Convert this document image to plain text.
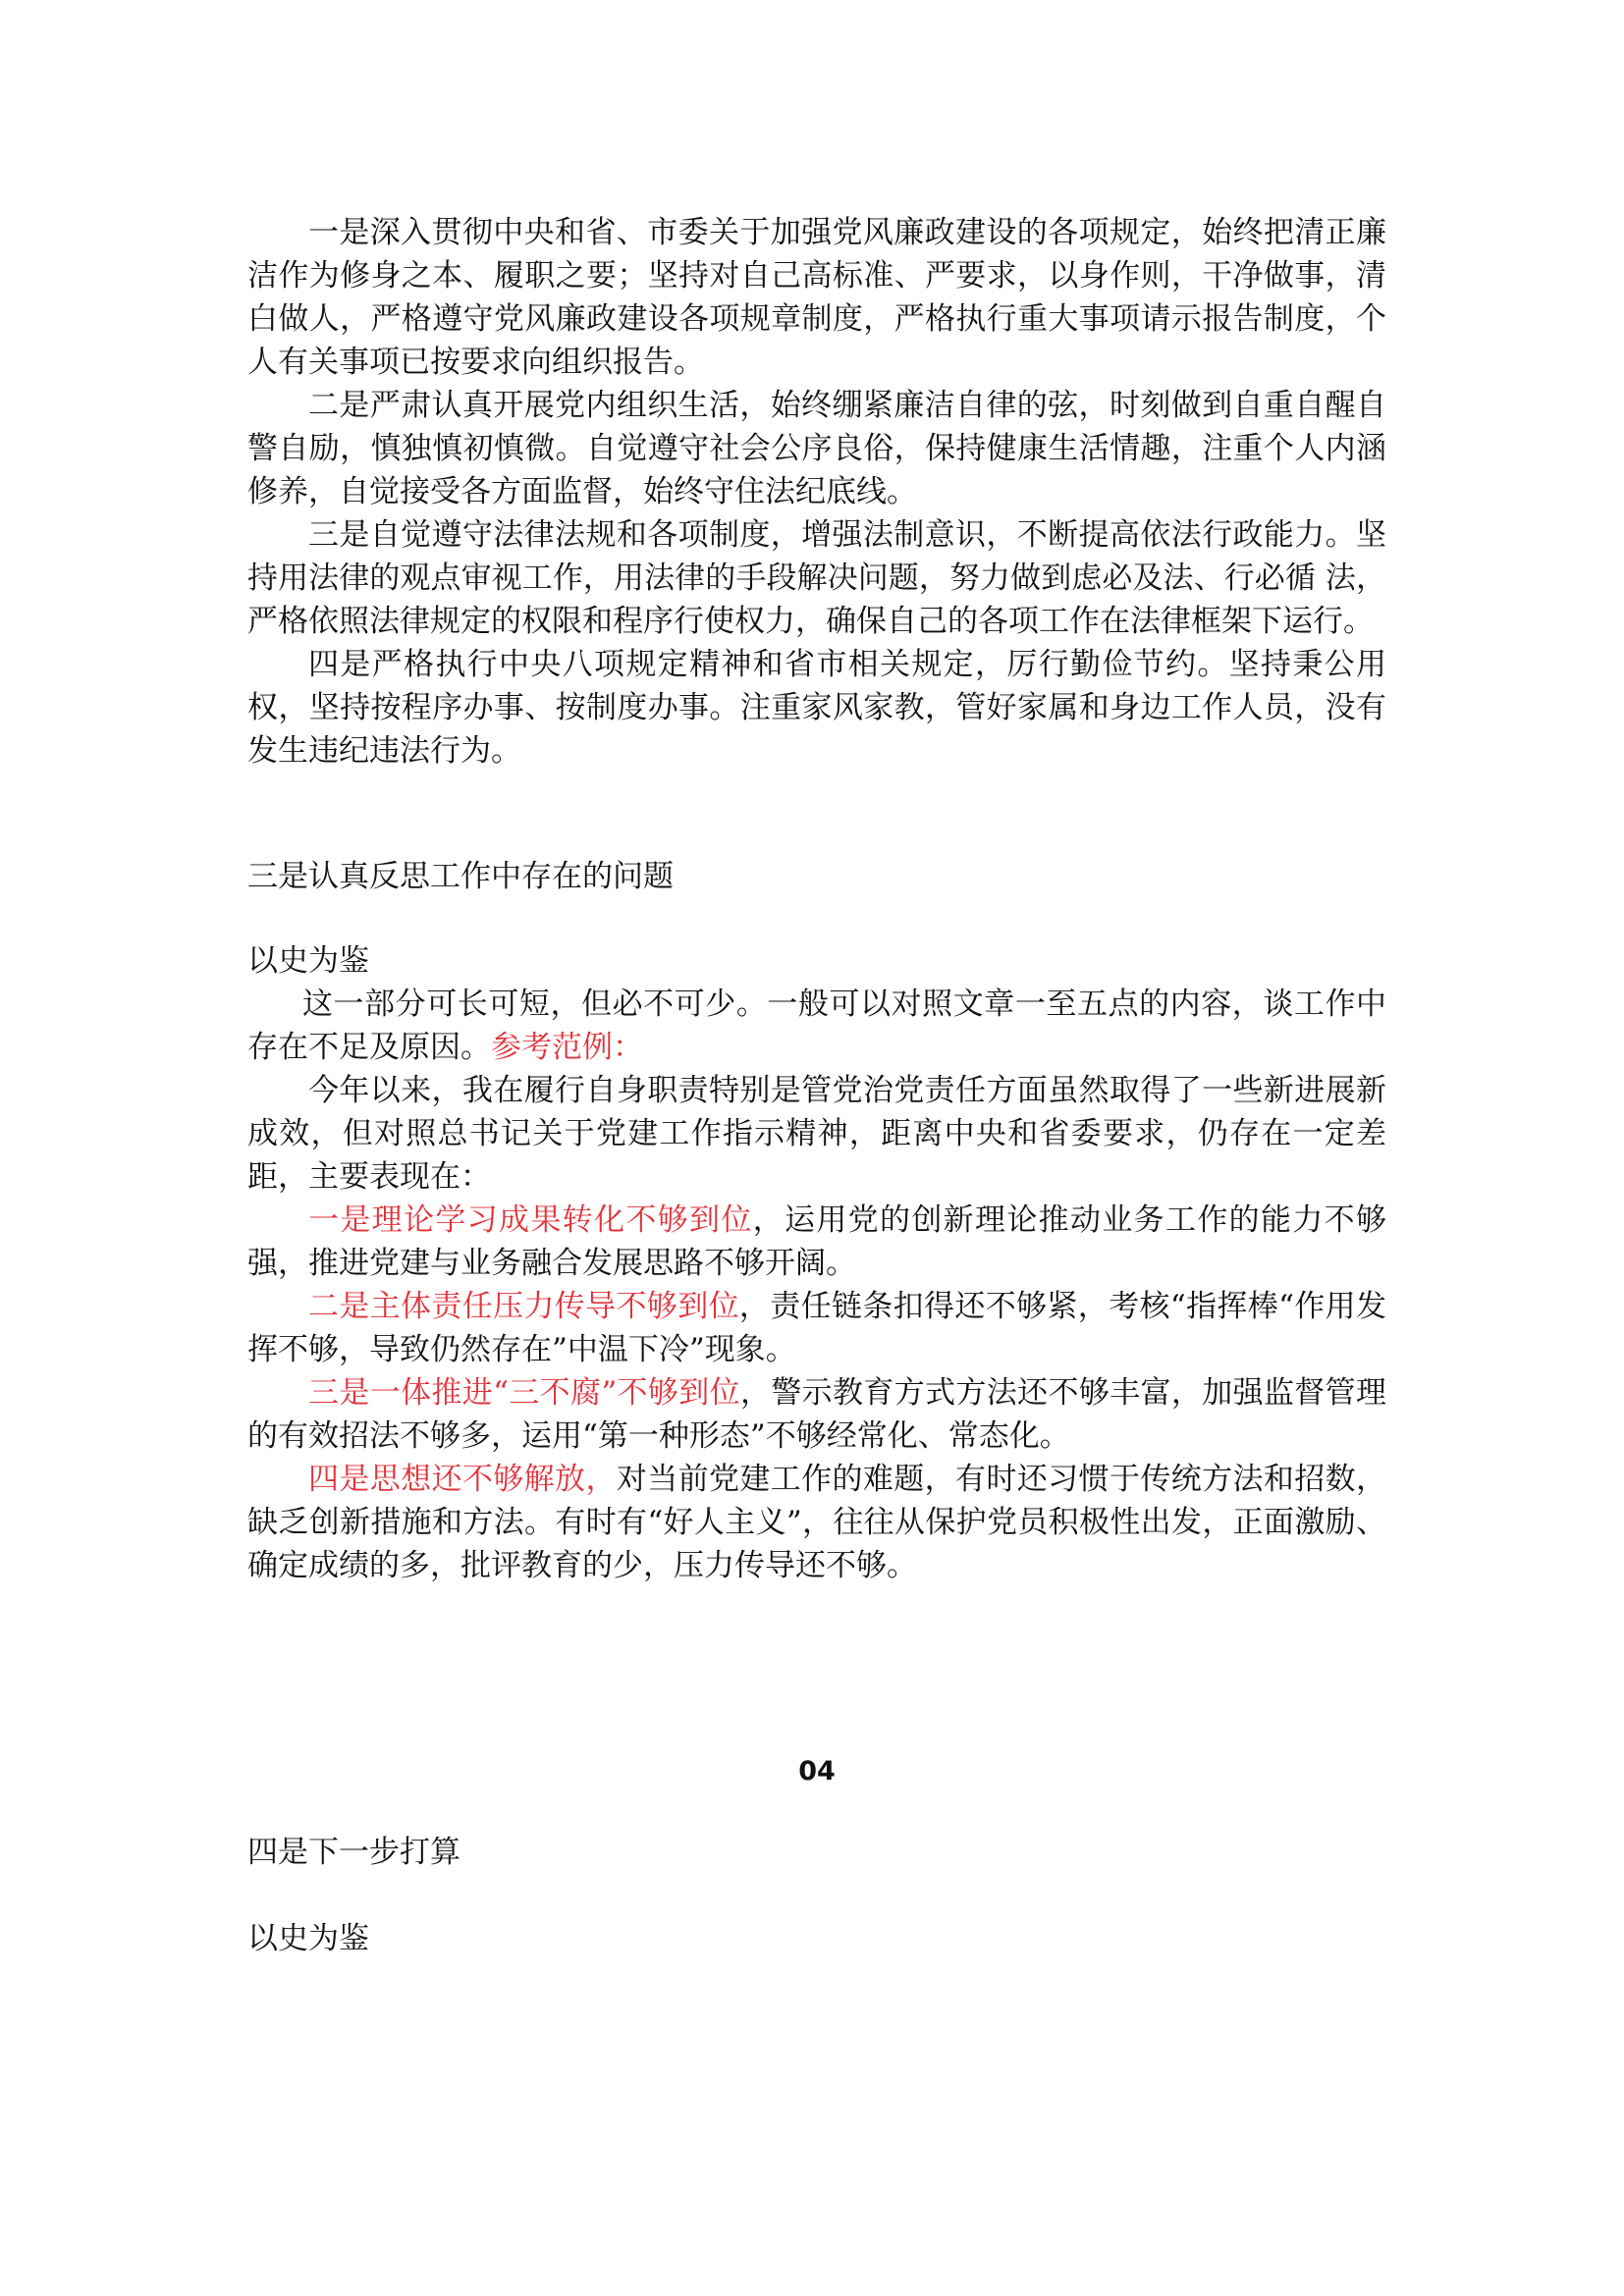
一是深入贯彻中央和省、市委关于加强党风廉政建设的各项规定，始终把清正廉洁作为修身之本、履职之要；坚持对自己高标准、严要求，以身作则，干净做事，清白做人，严格遵守党风廉政建设各项规章制度，严格执行重大事项请示报告制度，个人有关事项已按要求向组织报告。

二是严肃认真开展党内组织生活，始终绷紧廉洁自律的弦，时刻做到自重自醒自警自励，慎独慎初慎微。自觉遵守社会公序良俗，保持健康生活情趣，注重个人内涵修养，自觉接受各方面监督，始终守住法纪底线。

三是自觉遵守法律法规和各项制度，增强法制意识，不断提高依法行政能力。坚持用法律的观点审视工作，用法律的手段解决问题，努力做到虑必及法、行必循 法，严格依照法律规定的权限和程序行使权力，确保自己的各项工作在法律框架下运行。

四是严格执行中央八项规定精神和省市相关规定，厉行勤俭节约。坚持秉公用权，坚持按程序办事、按制度办事。注重家风家教，管好家属和身边工作人员，没有发生违纪违法行为。

三是认真反思工作中存在的问题

以史为鉴

这一部分可长可短，但必不可少。一般可以对照文章一至五点的内容，谈工作中存在不足及原因。参考范例：

今年以来，我在履行自身职责特别是管党治党责任方面虽然取得了一些新进展新成效，但对照总书记关于党建工作指示精神，距离中央和省委要求，仍存在一定差距，主要表现在：

一是理论学习成果转化不够到位，运用党的创新理论推动业务工作的能力不够强，推进党建与业务融合发展思路不够开阔。

二是主体责任压力传导不够到位，责任链条扣得还不够紧，考核“指挥棒“作用发挥不够，导致仍然存在”中温下冷”现象。

三是一体推进“三不腐”不够到位，警示教育方式方法还不够丰富，加强监督管理的有效招法不够多，运用“第一种形态”不够经常化、常态化。

四是思想还不够解放，对当前党建工作的难题，有时还习惯于传统方法和招数，缺乏创新措施和方法。有时有“好人主义”，往往从保护党员积极性出发，正面激励、确定成绩的多，批评教育的少，压力传导还不够。

04

四是下一步打算

以史为鉴
